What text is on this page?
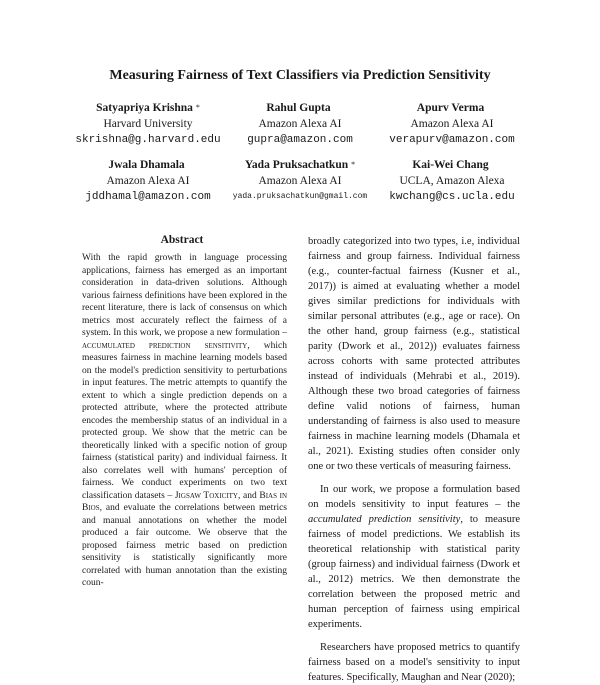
Measuring Fairness of Text Classifiers via Prediction Sensitivity
Satyapriya Krishna *
Harvard University
skrishna@g.harvard.edu
Rahul Gupta
Amazon Alexa AI
gupra@amazon.com
Apurv Verma
Amazon Alexa AI
verapurv@amazon.com
Jwala Dhamala
Amazon Alexa AI
jddhamal@amazon.com
Yada Pruksachatkun *
Amazon Alexa AI
yada.pruksachatkun@gmail.com
Kai-Wei Chang
UCLA, Amazon Alexa
kwchang@cs.ucla.edu
Abstract
With the rapid growth in language processing applications, fairness has emerged as an important consideration in data-driven solutions. Although various fairness definitions have been explored in the recent literature, there is lack of consensus on which metrics most accurately reflect the fairness of a system. In this work, we propose a new formulation – accumulated prediction sensitivity, which measures fairness in machine learning models based on the model's prediction sensitivity to perturbations in input features. The metric attempts to quantify the extent to which a single prediction depends on a protected attribute, where the protected attribute encodes the membership status of an individual in a protected group. We show that the metric can be theoretically linked with a specific notion of group fairness (statistical parity) and individual fairness. It also correlates well with humans' perception of fairness. We conduct experiments on two text classification datasets – Jigsaw Toxicity, and Bias in Bios, and evaluate the correlations between metrics and manual annotations on whether the model produced a fair outcome. We observe that the proposed fairness metric based on prediction sensitivity is statistically significantly more correlated with human annotation than the existing coun-

broadly categorized into two types, i.e, individual fairness and group fairness. Individual fairness (e.g., counter-factual fairness (Kusner et al., 2017)) is aimed at evaluating whether a model gives similar predictions for individuals with similar personal attributes (e.g., age or race). On the other hand, group fairness (e.g., statistical parity (Dwork et al., 2012)) evaluates fairness across cohorts with same protected attributes instead of individuals (Mehrabi et al., 2019). Although these two broad categories of fairness define valid notions of fairness, human understanding of fairness is also used to measure fairness in machine learning models (Dhamala et al., 2021). Existing studies often consider only one or two these verticals of measuring fairness.

In our work, we propose a formulation based on models sensitivity to input features – the accumulated prediction sensitivity, to measure fairness of model predictions. We establish its theoretical relationship with statistical parity (group fairness) and individual fairness (Dwork et al., 2012) metrics. We then demonstrate the correlation between the proposed metric and human perception of fairness using empirical experiments.

Researchers have proposed metrics to quantify fairness based on a model's sensitivity to input features. Specifically, Maughan and Near (2020);
